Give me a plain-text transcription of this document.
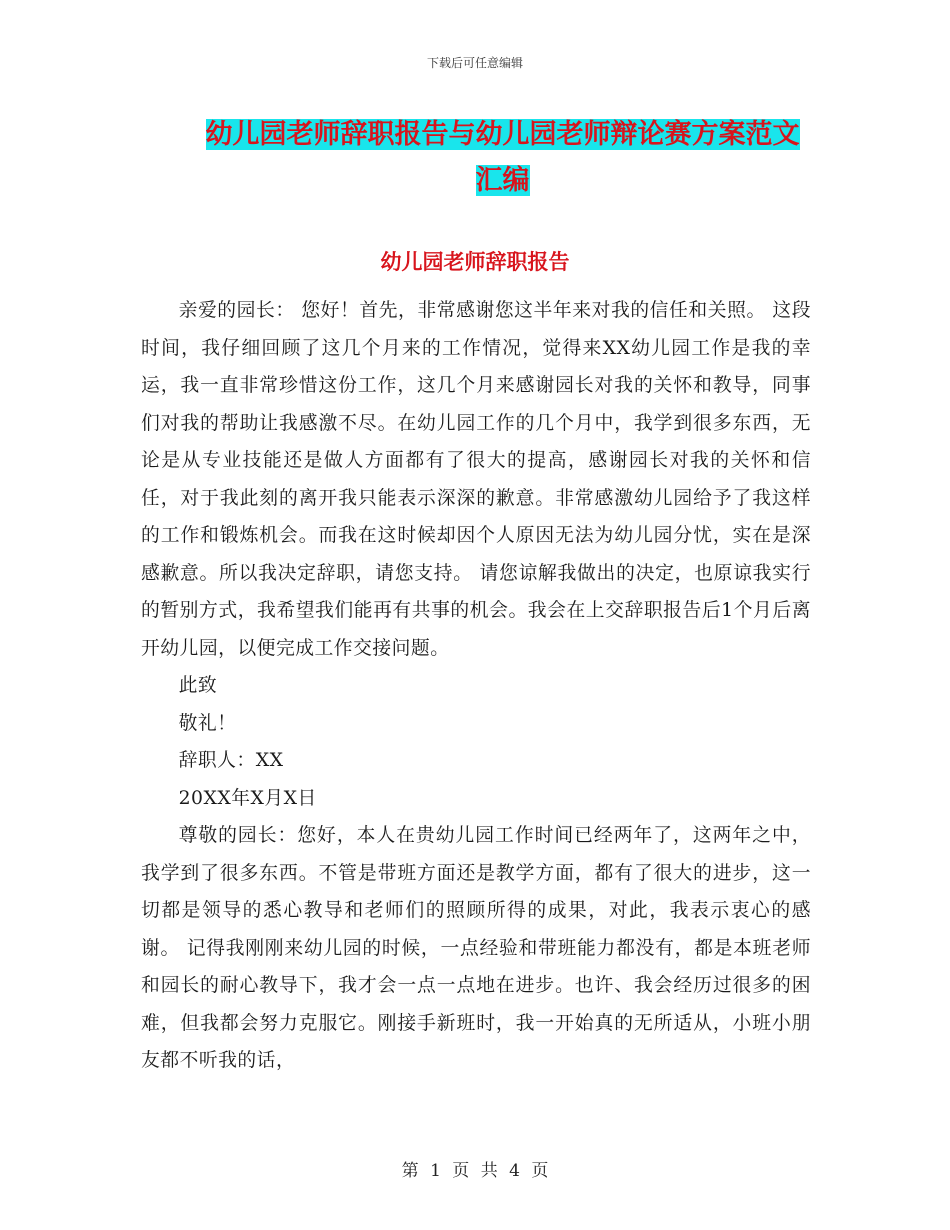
下载后可任意编辑
幼儿园老师辞职报告与幼儿园老师辩论赛方案范文汇编
幼儿园老师辞职报告

亲爱的园长： 您好！首先，非常感谢您这半年来对我的信任和关照。 这段时间，我仔细回顾了这几个月来的工作情况，觉得来XX幼儿园工作是我的幸运，我一直非常珍惜这份工作，这几个月来感谢园长对我的关怀和教导，同事们对我的帮助让我感激不尽。在幼儿园工作的几个月中，我学到很多东西，无论是从专业技能还是做人方面都有了很大的提高，感谢园长对我的关怀和信任，对于我此刻的离开我只能表示深深的歉意。非常感激幼儿园给予了我这样的工作和锻炼机会。而我在这时候却因个人原因无法为幼儿园分忧，实在是深感歉意。所以我决定辞职，请您支持。 请您谅解我做出的决定，也原谅我实行的暂别方式，我希望我们能再有共事的机会。我会在上交辞职报告后1个月后离开幼儿园，以便完成工作交接问题。

此致

敬礼！

辞职人：XX

20XX年X月X日

尊敬的园长：您好，本人在贵幼儿园工作时间已经两年了，这两年之中，我学到了很多东西。不管是带班方面还是教学方面，都有了很大的进步，这一切都是领导的悉心教导和老师们的照顾所得的成果，对此，我表示衷心的感谢。 记得我刚刚来幼儿园的时候，一点经验和带班能力都没有，都是本班老师和园长的耐心教导下，我才会一点一点地在进步。也许、我会经历过很多的困难，但我都会努力克服它。刚接手新班时，我一开始真的无所适从，小班小朋友都不听我的话，

第 1 页 共 4 页
